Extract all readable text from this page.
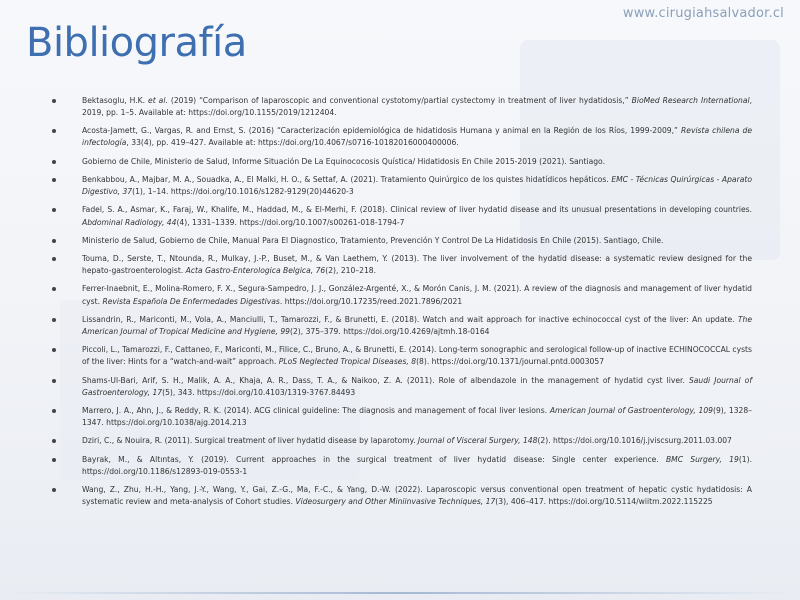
www.cirugiahsalvador.cl
Bibliografía
Bektasoglu, H.K. et al. (2019) “Comparison of laparoscopic and conventional cystotomy/partial cystectomy in treatment of liver hydatidosis,” BioMed Research International, 2019, pp. 1–5. Available at: https://doi.org/10.1155/2019/1212404.
Acosta-Jamett, G., Vargas, R. and Ernst, S. (2016) “Caracterización epidemiológica de hidatidosis Humana y animal en la Región de los Ríos, 1999-2009,” Revista chilena de infectología, 33(4), pp. 419–427. Available at: https://doi.org/10.4067/s0716-10182016000400006.
Gobierno de Chile, Ministerio de Salud, Informe Situación De La Equinococosis Quística/ Hidatidosis En Chile 2015-2019 (2021). Santiago.
Benkabbou, A., Majbar, M. A., Souadka, A., El Malki, H. O., & Settaf, A. (2021). Tratamiento Quirúrgico de los quistes hidatídicos hepáticos. EMC - Técnicas Quirúrgicas - Aparato Digestivo, 37(1), 1–14. https://doi.org/10.1016/s1282-9129(20)44620-3
Fadel, S. A., Asmar, K., Faraj, W., Khalife, M., Haddad, M., & El-Merhi, F. (2018). Clinical review of liver hydatid disease and its unusual presentations in developing countries. Abdominal Radiology, 44(4), 1331–1339. https://doi.org/10.1007/s00261-018-1794-7
Ministerio de Salud, Gobierno de Chile, Manual Para El Diagnostico, Tratamiento, Prevención Y Control De La Hidatidosis En Chile (2015). Santiago, Chile.
Touma, D., Serste, T., Ntounda, R., Mulkay, J.-P., Buset, M., & Van Laethem, Y. (2013). The liver involvement of the hydatid disease: a systematic review designed for the hepato-gastroenterologist. Acta Gastro-Enterologica Belgica, 76(2), 210–218.
Ferrer-Inaebnit, E., Molina-Romero, F. X., Segura-Sampedro, J. J., González-Argenté, X., & Morón Canis, J. M. (2021). A review of the diagnosis and management of liver hydatid cyst. Revista Española De Enfermedades Digestivas. https://doi.org/10.17235/reed.2021.7896/2021
Lissandrin, R., Mariconti, M., Vola, A., Manciulli, T., Tamarozzi, F., & Brunetti, E. (2018). Watch and wait approach for inactive echinococcal cyst of the liver: An update. The American Journal of Tropical Medicine and Hygiene, 99(2), 375–379. https://doi.org/10.4269/ajtmh.18-0164
Piccoli, L., Tamarozzi, F., Cattaneo, F., Mariconti, M., Filice, C., Bruno, A., & Brunetti, E. (2014). Long-term sonographic and serological follow-up of inactive ECHINOCOCCAL cysts of the liver: Hints for a “watch-and-wait” approach. PLoS Neglected Tropical Diseases, 8(8). https://doi.org/10.1371/journal.pntd.0003057
Shams-Ul-Bari, Arif, S. H., Malik, A. A., Khaja, A. R., Dass, T. A., & Naikoo, Z. A. (2011). Role of albendazole in the management of hydatid cyst liver. Saudi Journal of Gastroenterology, 17(5), 343. https://doi.org/10.4103/1319-3767.84493
Marrero, J. A., Ahn, J., & Reddy, R. K. (2014). ACG clinical guideline: The diagnosis and management of focal liver lesions. American Journal of Gastroenterology, 109(9), 1328–1347. https://doi.org/10.1038/ajg.2014.213
Dziri, C., & Nouira, R. (2011). Surgical treatment of liver hydatid disease by laparotomy. Journal of Visceral Surgery, 148(2). https://doi.org/10.1016/j.jviscsurg.2011.03.007
Bayrak, M., & Altıntas, Y. (2019). Current approaches in the surgical treatment of liver hydatid disease: Single center experience. BMC Surgery, 19(1). https://doi.org/10.1186/s12893-019-0553-1
Wang, Z., Zhu, H.-H., Yang, J.-Y., Wang, Y., Gai, Z.-G., Ma, F.-C., & Yang, D.-W. (2022). Laparoscopic versus conventional open treatment of hepatic cystic hydatidosis: A systematic review and meta-analysis of Cohort studies. Videosurgery and Other Miniinvasive Techniques, 17(3), 406–417. https://doi.org/10.5114/wiitm.2022.115225
